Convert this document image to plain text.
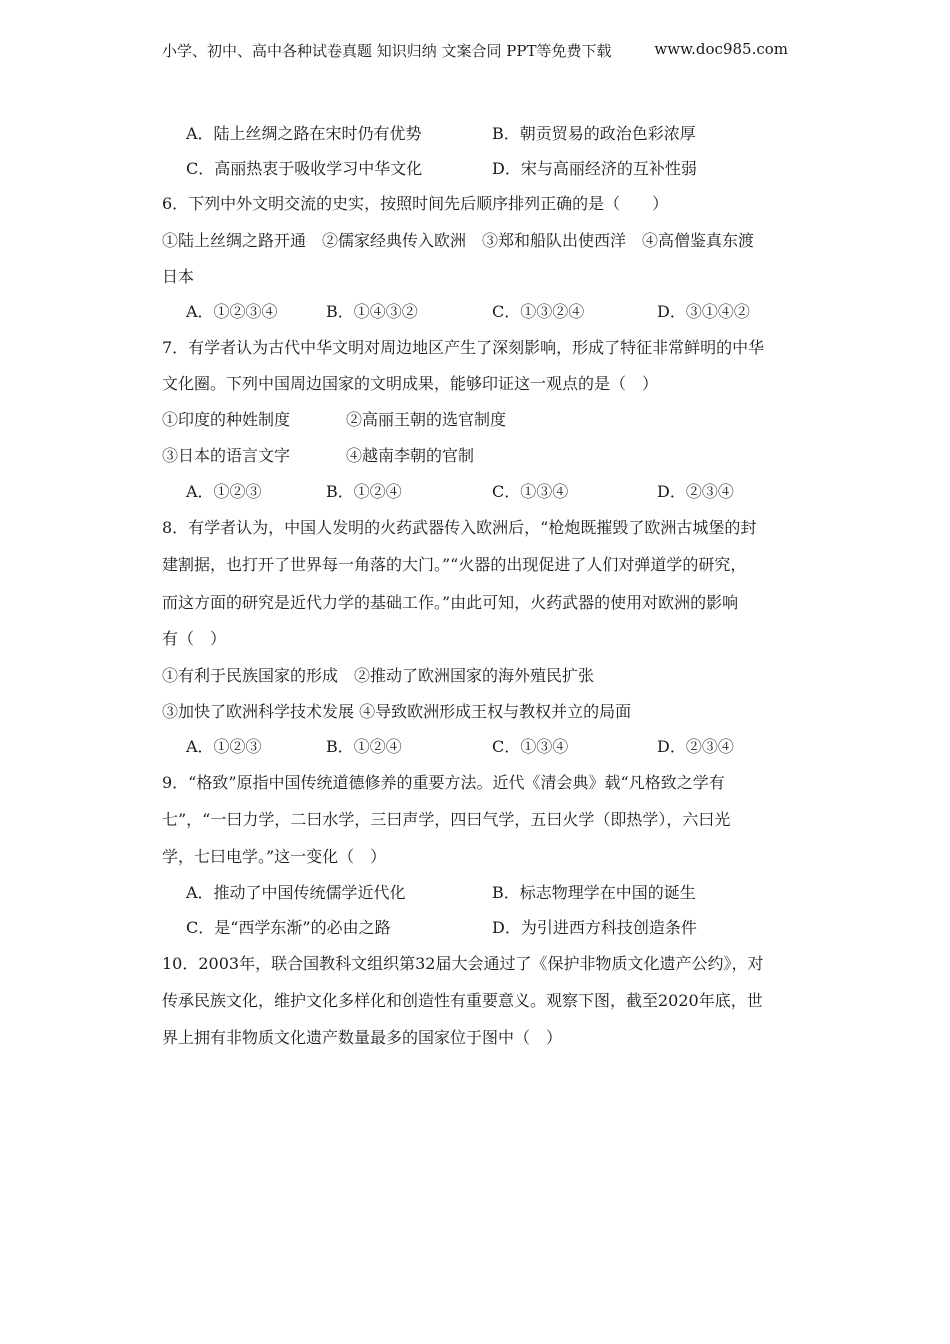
小学、初中、高中各种试卷真题 知识归纳 文案合同 PPT等免费下载	www.doc985.com
A．陆上丝绸之路在宋时仍有优势	B．朝贡贸易的政治色彩浓厚
C．高丽热衷于吸收学习中华文化	D．宋与高丽经济的互补性弱
6．下列中外文明交流的史实，按照时间先后顺序排列正确的是（　　）
①陆上丝绸之路开通　②儒家经典传入欧洲　③郑和船队出使西洋　④高僧鉴真东渡
日本
A．①②③④	B．①④③②	C．①③②④	D．③①④②
7．有学者认为古代中华文明对周边地区产生了深刻影响，形成了特征非常鲜明的中华
文化圈。下列中国周边国家的文明成果，能够印证这一观点的是（　）
①印度的种姓制度	②高丽王朝的选官制度
③日本的语言文字	④越南李朝的官制
A．①②③	B．①②④	C．①③④	D．②③④
8．有学者认为，中国人发明的火药武器传入欧洲后，“枪炮既摧毁了欧洲古城堡的封
建割据，也打开了世界每一角落的大门。”“火器的出现促进了人们对弹道学的研究，
而这方面的研究是近代力学的基础工作。”由此可知，火药武器的使用对欧洲的影响
有（　）
①有利于民族国家的形成　②推动了欧洲国家的海外殖民扩张
③加快了欧洲科学技术发展 ④导致欧洲形成王权与教权并立的局面
A．①②③	B．①②④	C．①③④	D．②③④
9．“格致”原指中国传统道德修养的重要方法。近代《清会典》载“凡格致之学有
七”，“一曰力学，二曰水学，三曰声学，四曰气学，五曰火学（即热学），六曰光
学，七曰电学。”这一变化（　）
A．推动了中国传统儒学近代化	B．标志物理学在中国的诞生
C．是“西学东渐”的必由之路	D．为引进西方科技创造条件
10．2003年，联合国教科文组织第32届大会通过了《保护非物质文化遗产公约》，对
传承民族文化，维护文化多样化和创造性有重要意义。观察下图，截至2020年底，世
界上拥有非物质文化遗产数量最多的国家位于图中（　）
